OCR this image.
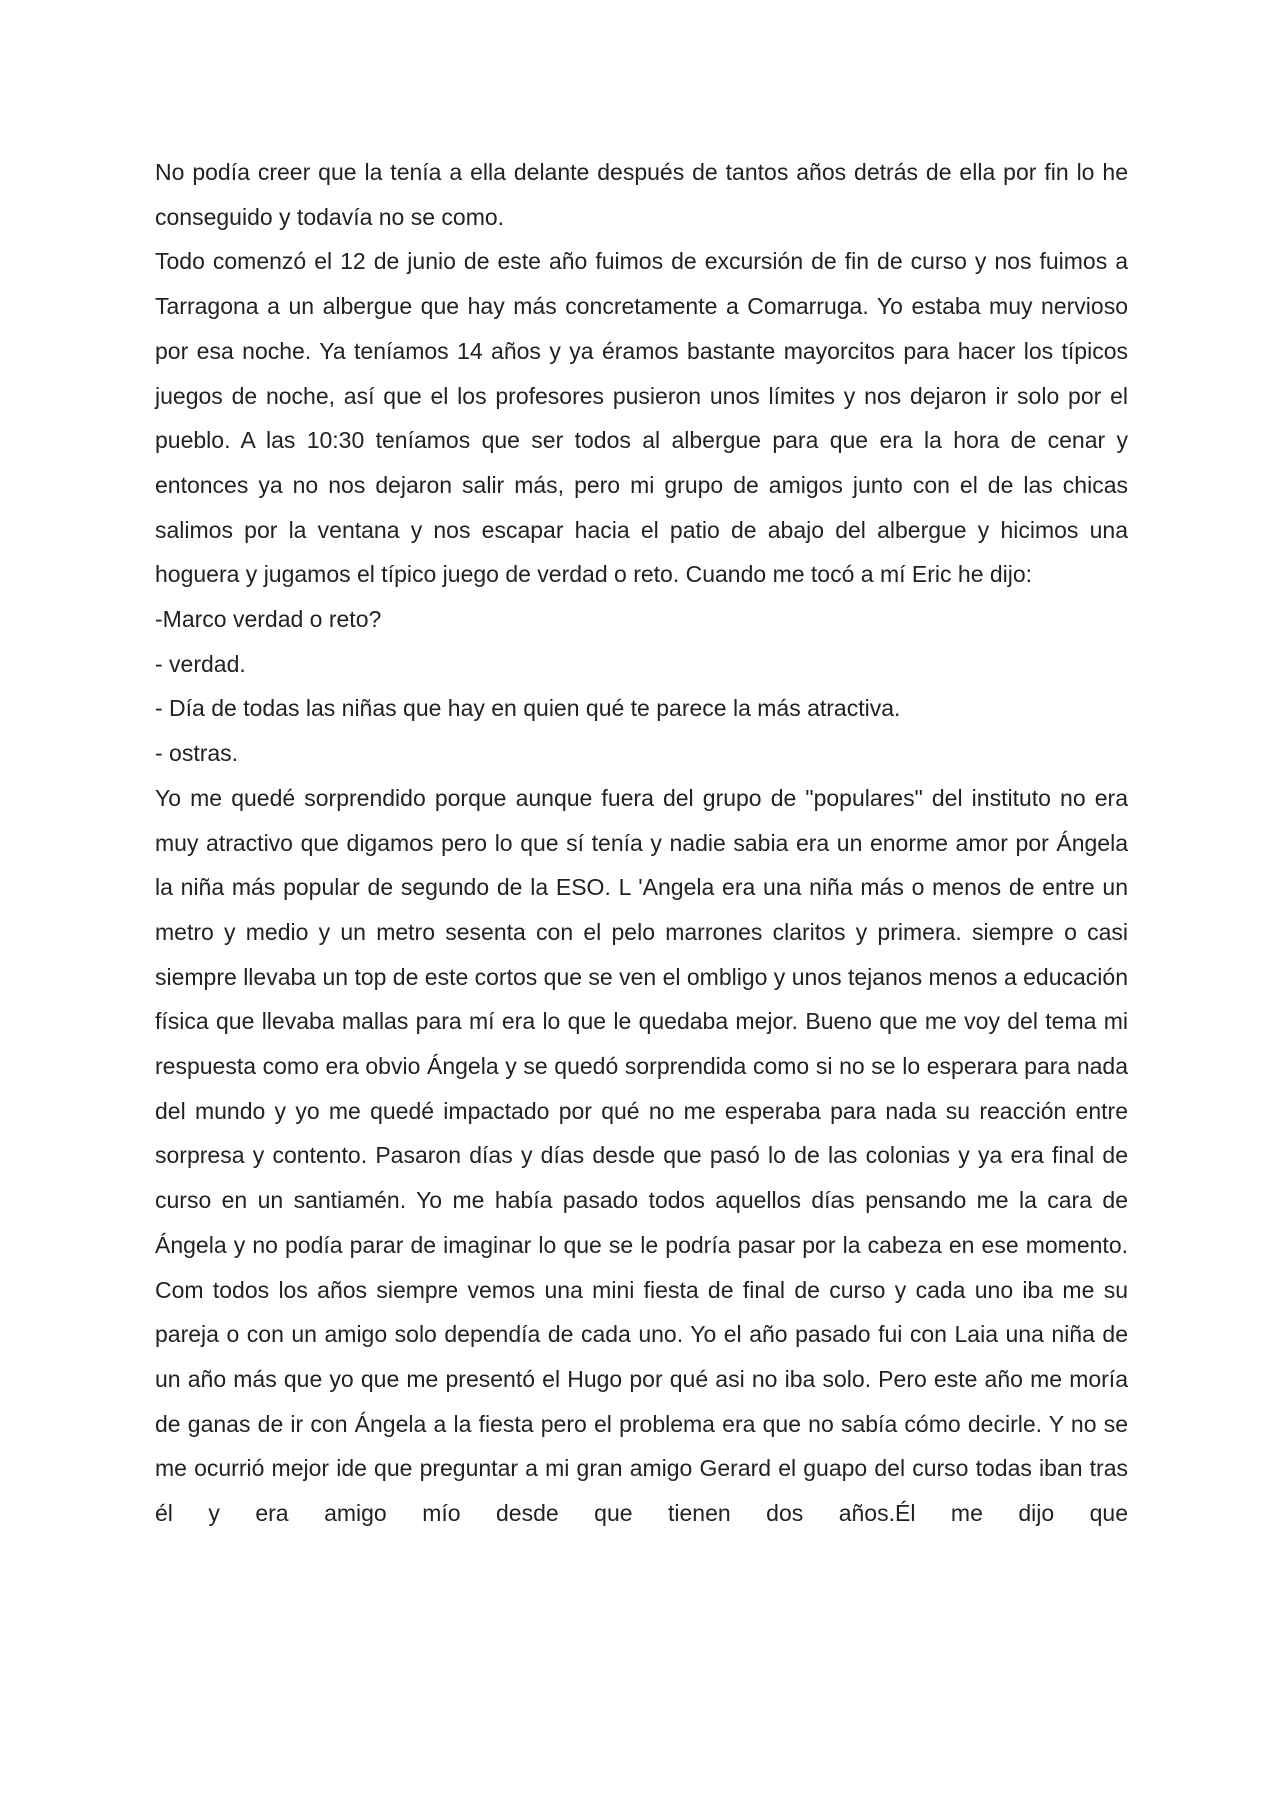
No podía creer que la tenía a ella delante después de tantos años detrás de ella por fin lo he conseguido y todavía no se como.

Todo comenzó el 12 de junio de este año fuimos de excursión de fin de curso y nos fuimos a Tarragona a un albergue que hay más concretamente a Comarruga. Yo estaba muy nervioso por esa noche. Ya teníamos 14 años y ya éramos bastante mayorcitos para hacer los típicos juegos de noche, así que el los profesores pusieron unos límites y nos dejaron ir solo por el pueblo. A las 10:30 teníamos que ser todos al albergue para que era la hora de cenar y entonces ya no nos dejaron salir más, pero mi grupo de amigos junto con el de las chicas salimos por la ventana y nos escapar hacia el patio de abajo del albergue y hicimos una hoguera y jugamos el típico juego de verdad o reto. Cuando me tocó a mí Eric he dijo:

-Marco verdad o reto?

- verdad.

- Día de todas las niñas que hay en quien qué te parece la más atractiva.

- ostras.

Yo me quedé sorprendido porque aunque fuera del grupo de "populares" del instituto no era muy atractivo que digamos pero lo que sí tenía y nadie sabia era un enorme amor por Ángela la niña más popular de segundo de la ESO. L 'Angela era una niña más o menos de entre un metro y medio y un metro sesenta con el pelo marrones claritos y primera. siempre o casi siempre llevaba un top de este cortos que se ven el ombligo y unos tejanos menos a educación física que llevaba mallas para mí era lo que le quedaba mejor. Bueno que me voy del tema mi respuesta como era obvio Ángela y se quedó sorprendida como si no se lo esperara para nada del mundo y yo me quedé impactado por qué no me esperaba para nada su reacción entre sorpresa y contento. Pasaron días y días desde que pasó lo de las colonias y ya era final de curso en un santiamén. Yo me había pasado todos aquellos días pensando me la cara de Ángela y no podía parar de imaginar lo que se le podría pasar por la cabeza en ese momento. Com todos los años siempre vemos una mini fiesta de final de curso y cada uno iba me su pareja o con un amigo solo dependía de cada uno. Yo el año pasado fui con Laia una niña de un año más que yo que me presentó el Hugo por qué asi no iba solo. Pero este año me moría de ganas de ir con Ángela a la fiesta pero el problema era que no sabía cómo decirle. Y no se me ocurrió mejor ide que preguntar a mi gran amigo Gerard el guapo del curso todas iban tras él y era amigo mío desde que tienen dos años.Él me dijo que
